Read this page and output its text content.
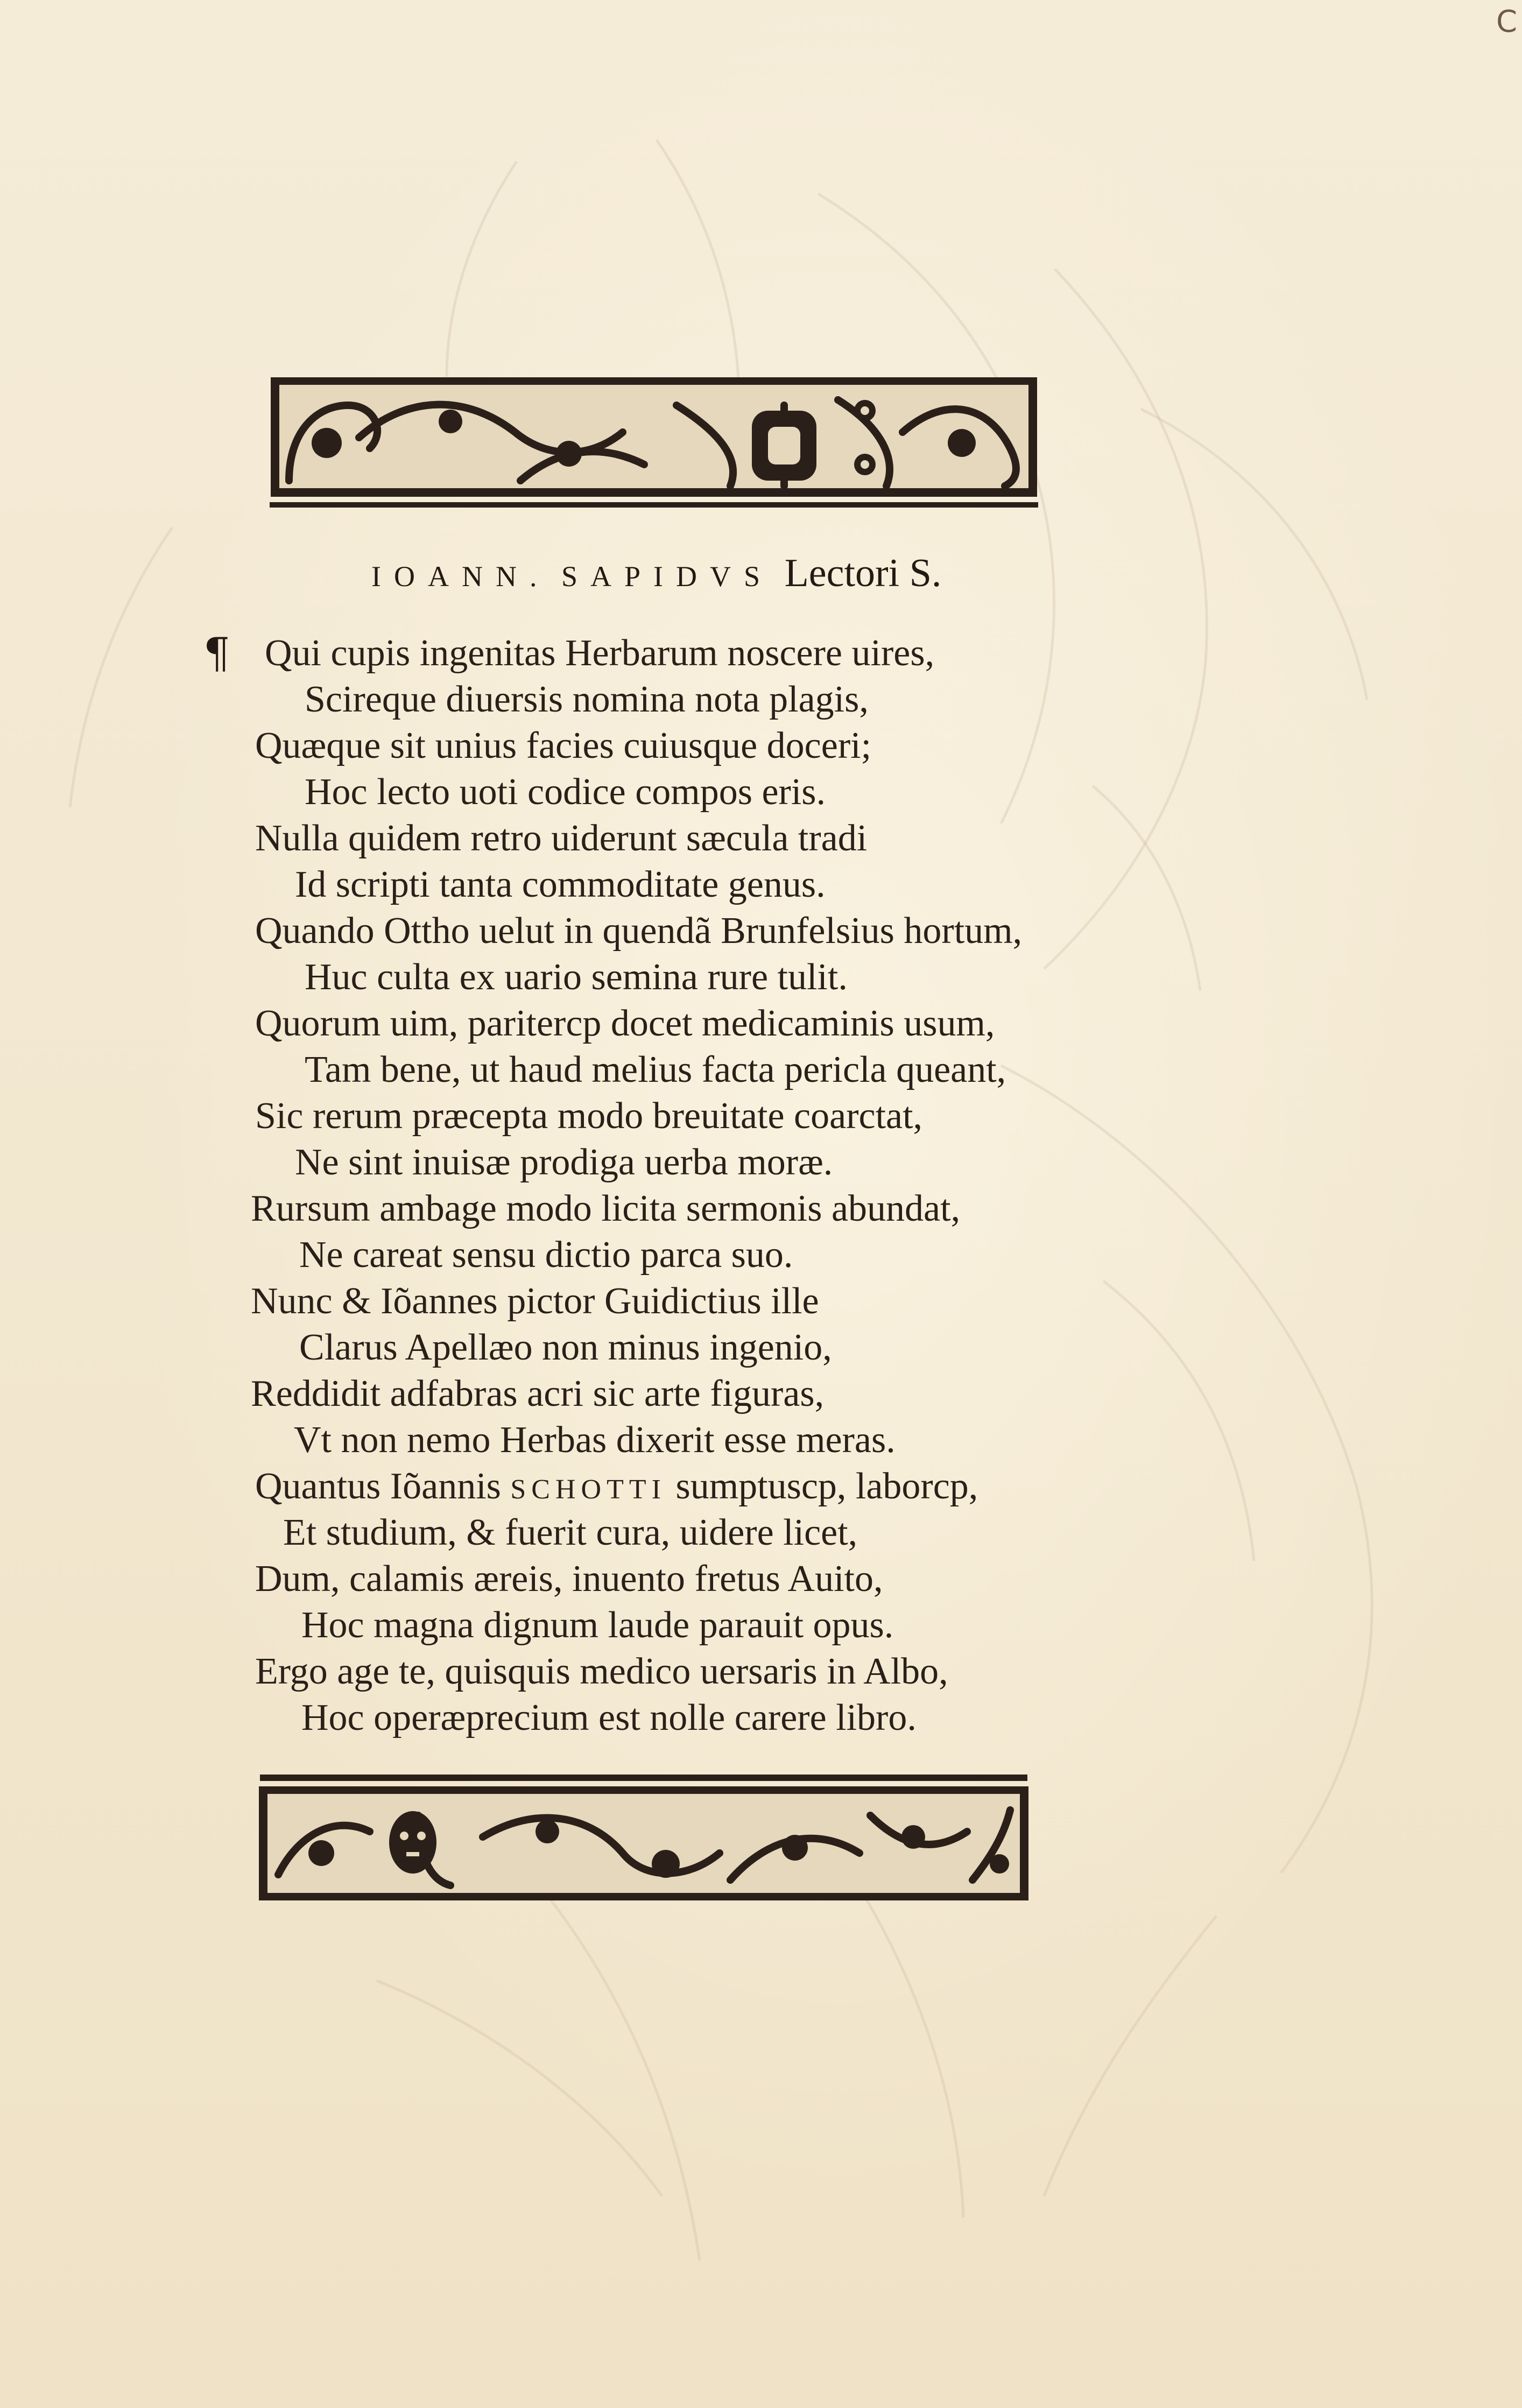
C
IOANN. SAPIDVS Lectori S.
¶ Qui cupis ingenitas Herbarum noscere uires,
Scireque diuersis nomina nota plagis,
Quæque sit unius facies cuiusque doceri;
Hoc lecto uoti codice compos eris.
Nulla quidem retro uiderunt sæcula tradi
Id scripti tanta commoditate genus.
Quando Ottho uelut in quendã Brunfelsius hortum,
Huc culta ex uario semina rure tulit.
Quorum uim, paritercp docet medicaminis usum,
Tam bene, ut haud melius facta pericla queant,
Sic rerum præcepta modo breuitate coarctat,
Ne sint inuisæ prodiga uerba moræ.
Rursum ambage modo licita sermonis abundat,
Ne careat sensu dictio parca suo.
Nunc & Iõannes pictor Guidictius ille
Clarus Apellæo non minus ingenio,
Reddidit adfabras acri sic arte figuras,
Vt non nemo Herbas dixerit esse meras.
Quantus Iõannis SCHOTTI sumptuscp, laborcp,
Et studium, & fuerit cura, uidere licet,
Dum, calamis æreis, inuento fretus Auito,
Hoc magna dignum laude parauit opus.
Ergo age te, quisquis medico uersaris in Albo,
Hoc operæprecium est nolle carere libro.
